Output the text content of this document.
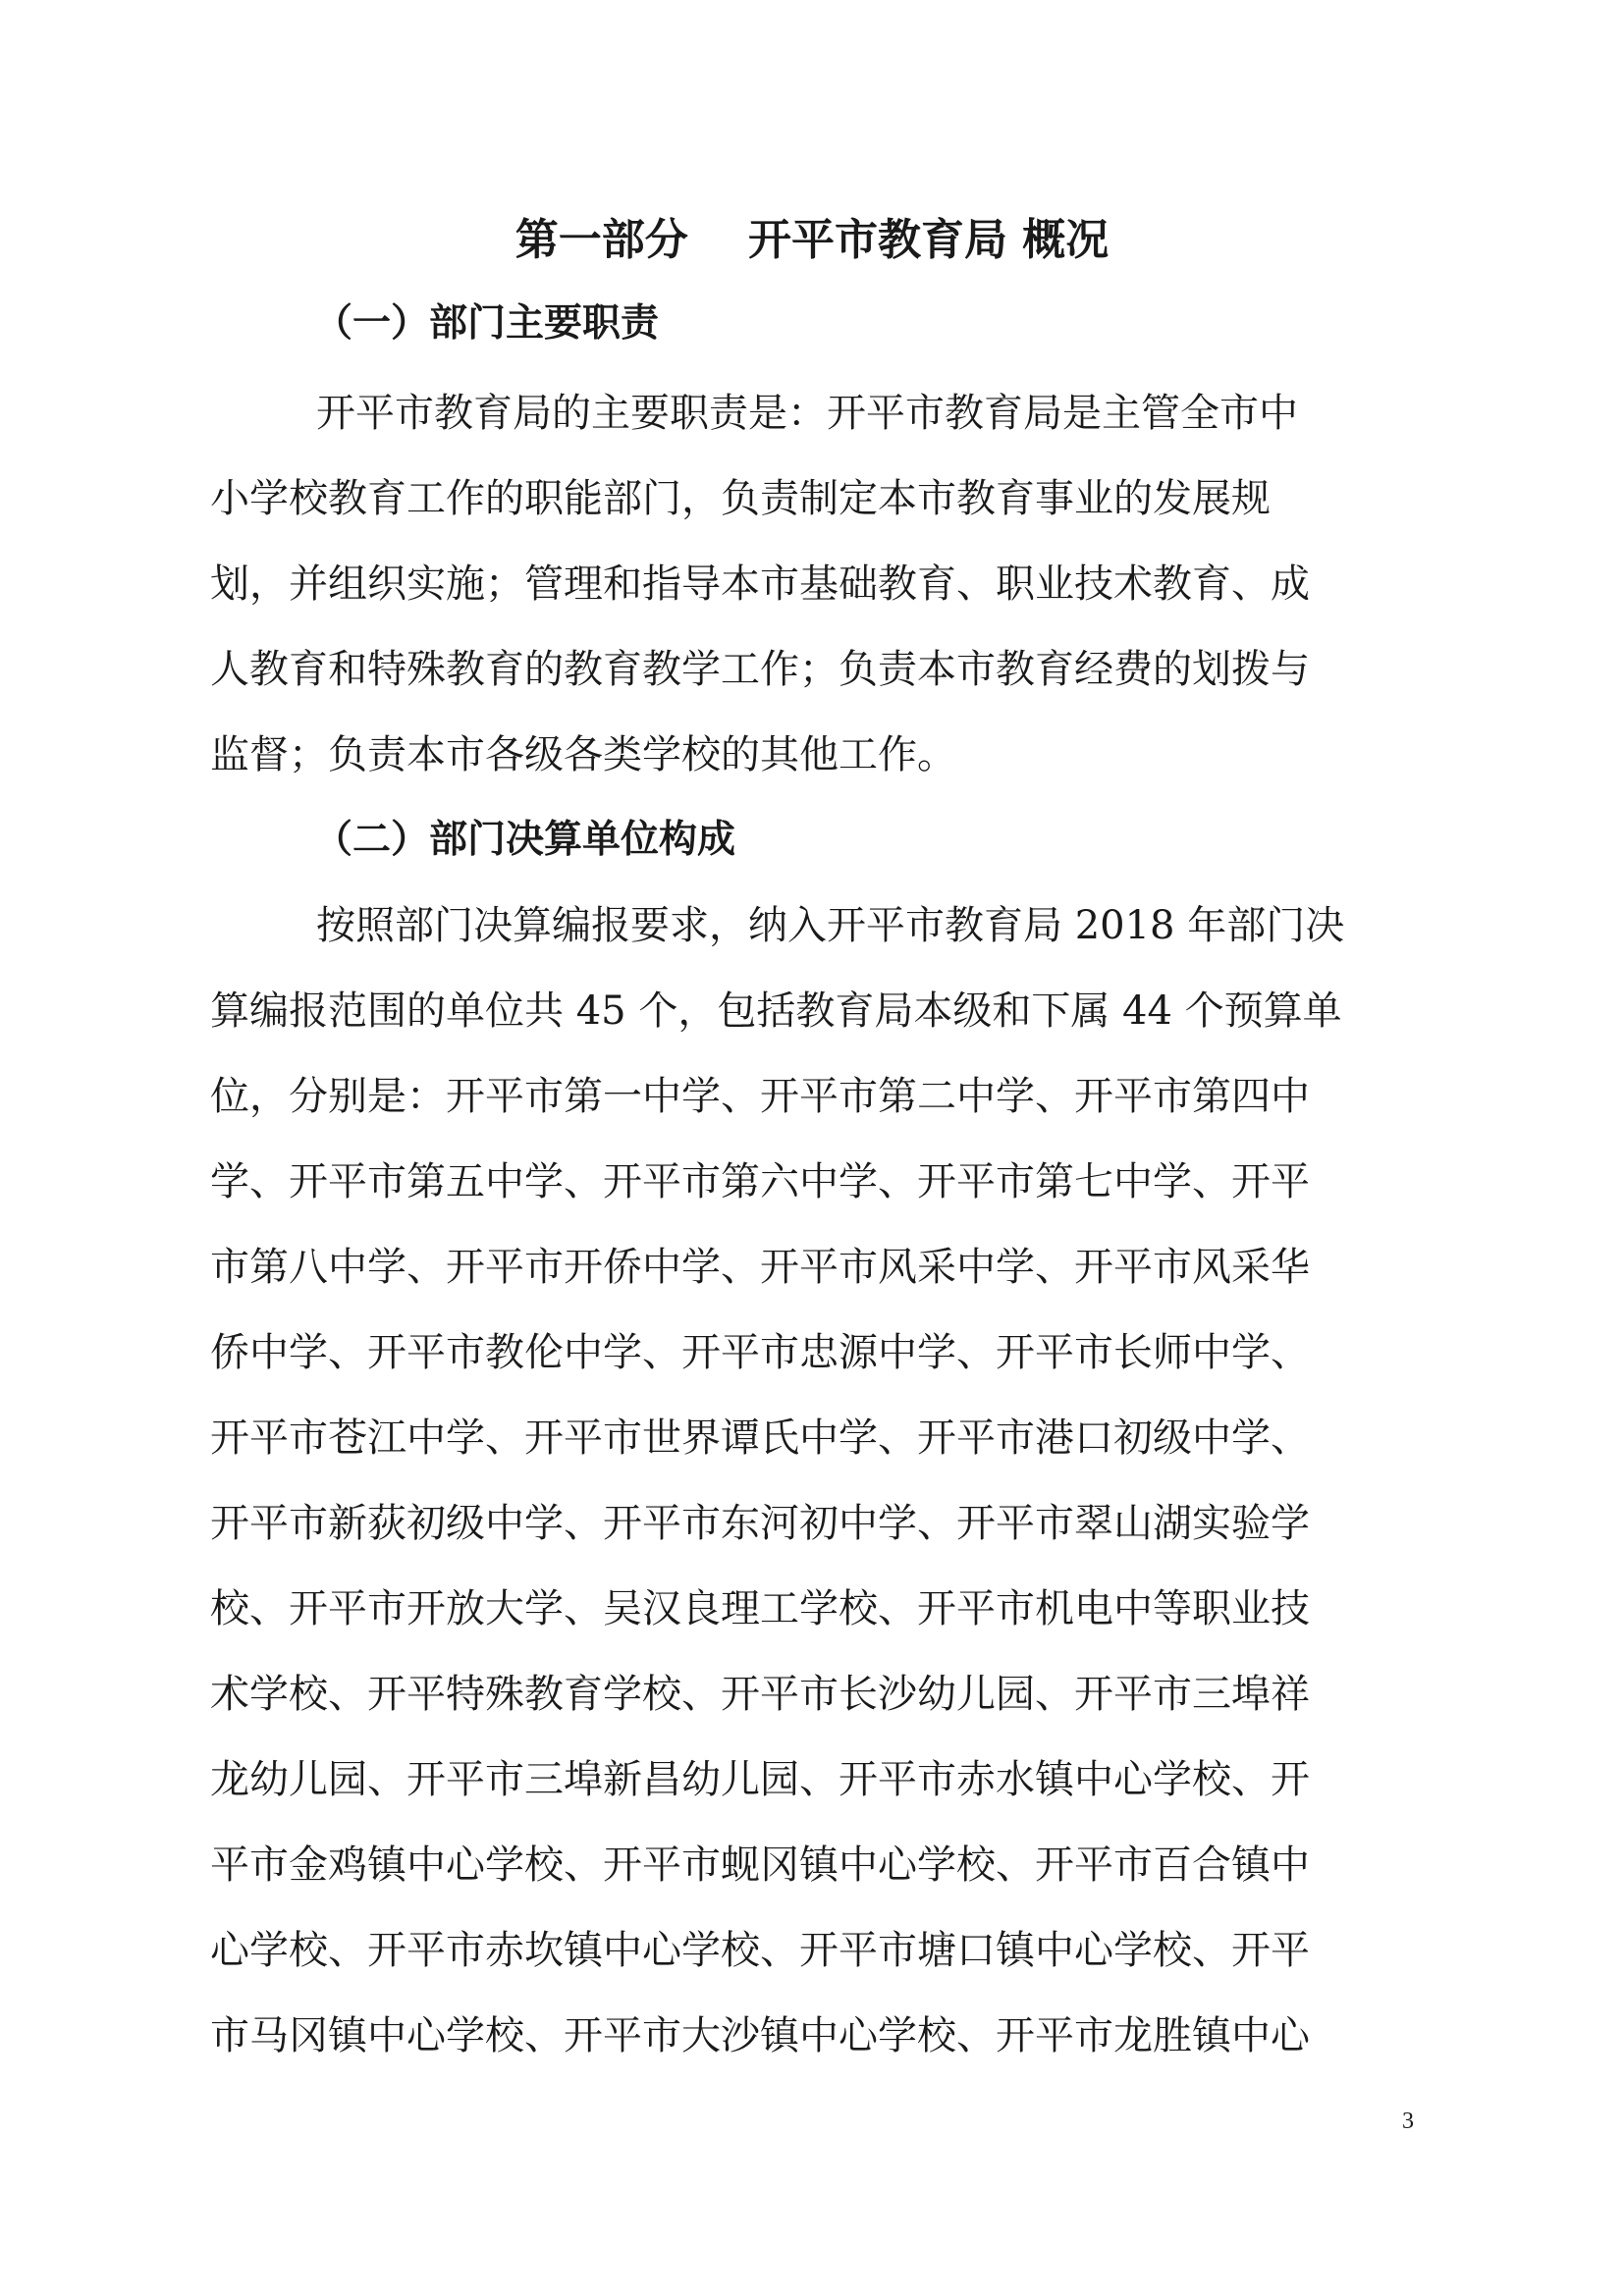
第一部分    开平市教育局 概况
（一）部门主要职责

开平市教育局的主要职责是：开平市教育局是主管全市中

小学校教育工作的职能部门，负责制定本市教育事业的发展规

划，并组织实施；管理和指导本市基础教育、职业技术教育、成

人教育和特殊教育的教育教学工作；负责本市教育经费的划拨与

监督；负责本市各级各类学校的其他工作。

（二）部门决算单位构成

按照部门决算编报要求，纳入开平市教育局 2018 年部门决

算编报范围的单位共 45 个，包括教育局本级和下属 44 个预算单

位，分别是：开平市第一中学、开平市第二中学、开平市第四中

学、开平市第五中学、开平市第六中学、开平市第七中学、开平

市第八中学、开平市开侨中学、开平市风采中学、开平市风采华

侨中学、开平市教伦中学、开平市忠源中学、开平市长师中学、

开平市苍江中学、开平市世界谭氏中学、开平市港口初级中学、

开平市新荻初级中学、开平市东河初中学、开平市翠山湖实验学

校、开平市开放大学、吴汉良理工学校、开平市机电中等职业技

术学校、开平特殊教育学校、开平市长沙幼儿园、开平市三埠祥

龙幼儿园、开平市三埠新昌幼儿园、开平市赤水镇中心学校、开

平市金鸡镇中心学校、开平市蚬冈镇中心学校、开平市百合镇中

心学校、开平市赤坎镇中心学校、开平市塘口镇中心学校、开平

市马冈镇中心学校、开平市大沙镇中心学校、开平市龙胜镇中心

3
